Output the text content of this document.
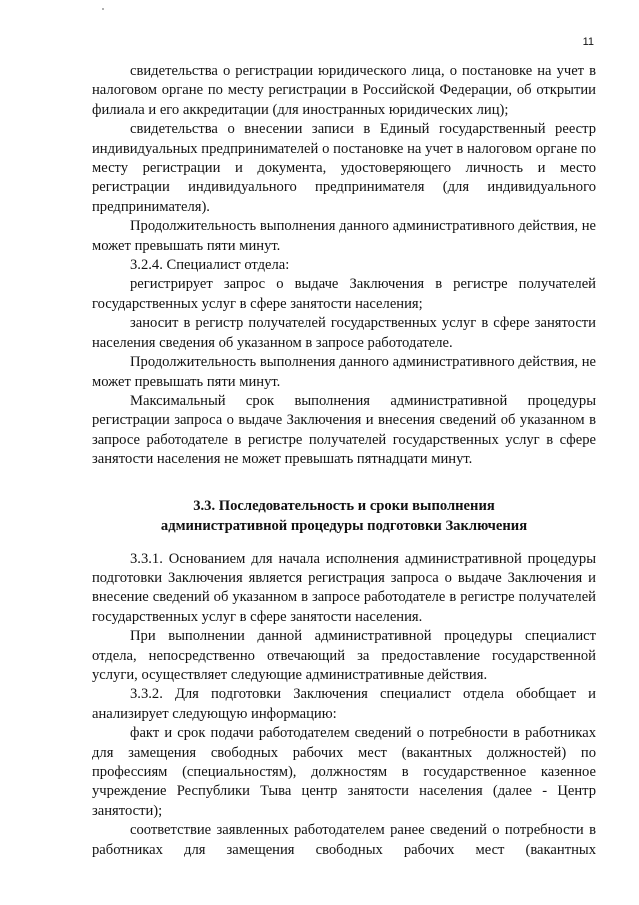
11

свидетельства о регистрации юридического лица, о постановке на учет в налоговом органе по месту регистрации в Российской Федерации, об открытии филиала и его аккредитации (для иностранных юридических лиц);

свидетельства о внесении записи в Единый государственный реестр индивидуальных предпринимателей о постановке на учет в налоговом органе по месту регистрации и документа, удостоверяющего личность и место регистрации индивидуального предпринимателя (для индивидуального предпринимателя).

Продолжительность выполнения данного административного действия, не может превышать пяти минут.

3.2.4. Специалист отдела:

регистрирует запрос о выдаче Заключения в регистре получателей государственных услуг в сфере занятости населения;

заносит в регистр получателей государственных услуг в сфере занятости населения сведения об указанном в запросе работодателе.

Продолжительность выполнения данного административного действия, не может превышать пяти минут.

Максимальный срок выполнения административной процедуры регистрации запроса о выдаче Заключения и внесения сведений об указанном в запросе работодателе в регистре получателей государственных услуг в сфере занятости населения не может превышать пятнадцати минут.

3.3. Последовательность и сроки выполнения
административной процедуры подготовки Заключения

3.3.1. Основанием для начала исполнения административной процедуры подготовки Заключения является регистрация запроса о выдаче Заключения и внесение сведений об указанном в запросе работодателе в регистре получателей государственных услуг в сфере занятости населения.

При выполнении данной административной процедуры специалист отдела, непосредственно отвечающий за предоставление государственной услуги, осуществляет следующие административные действия.

3.3.2. Для подготовки Заключения специалист отдела обобщает и анализирует следующую информацию:

факт и срок подачи работодателем сведений о потребности в работниках для замещения свободных рабочих мест (вакантных должностей) по профессиям (специальностям), должностям в государственное казенное учреждение Республики Тыва центр занятости населения (далее - Центр занятости);

соответствие заявленных работодателем ранее сведений о потребности в работниках для замещения свободных рабочих мест (вакантных
